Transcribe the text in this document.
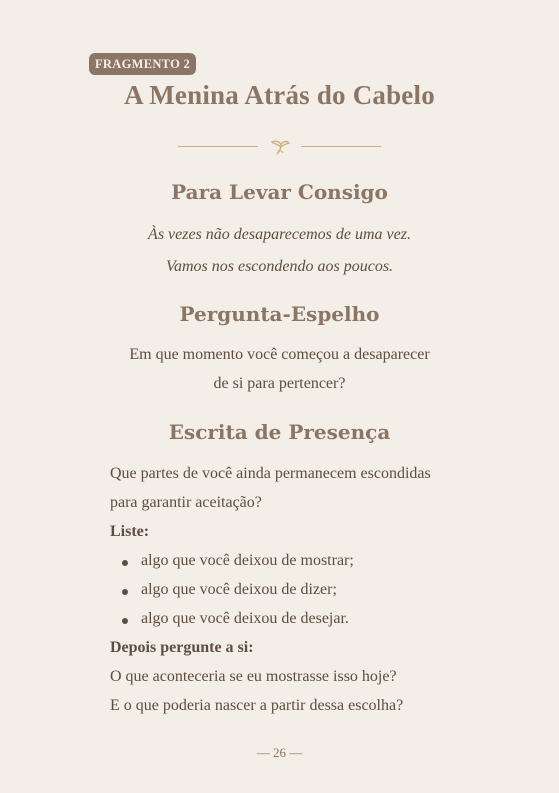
FRAGMENTO 2
A Menina Atrás do Cabelo
Para Levar Consigo
Às vezes não desaparecemos de uma vez.
Vamos nos escondendo aos poucos.
Pergunta-Espelho
Em que momento você começou a desaparecer
de si para pertencer?
Escrita de Presença
Que partes de você ainda permanecem escondidas
para garantir aceitação?
Liste:
algo que você deixou de mostrar;
algo que você deixou de dizer;
algo que você deixou de desejar.
Depois pergunte a si:
O que aconteceria se eu mostrasse isso hoje?
E o que poderia nascer a partir dessa escolha?
— 26 —
